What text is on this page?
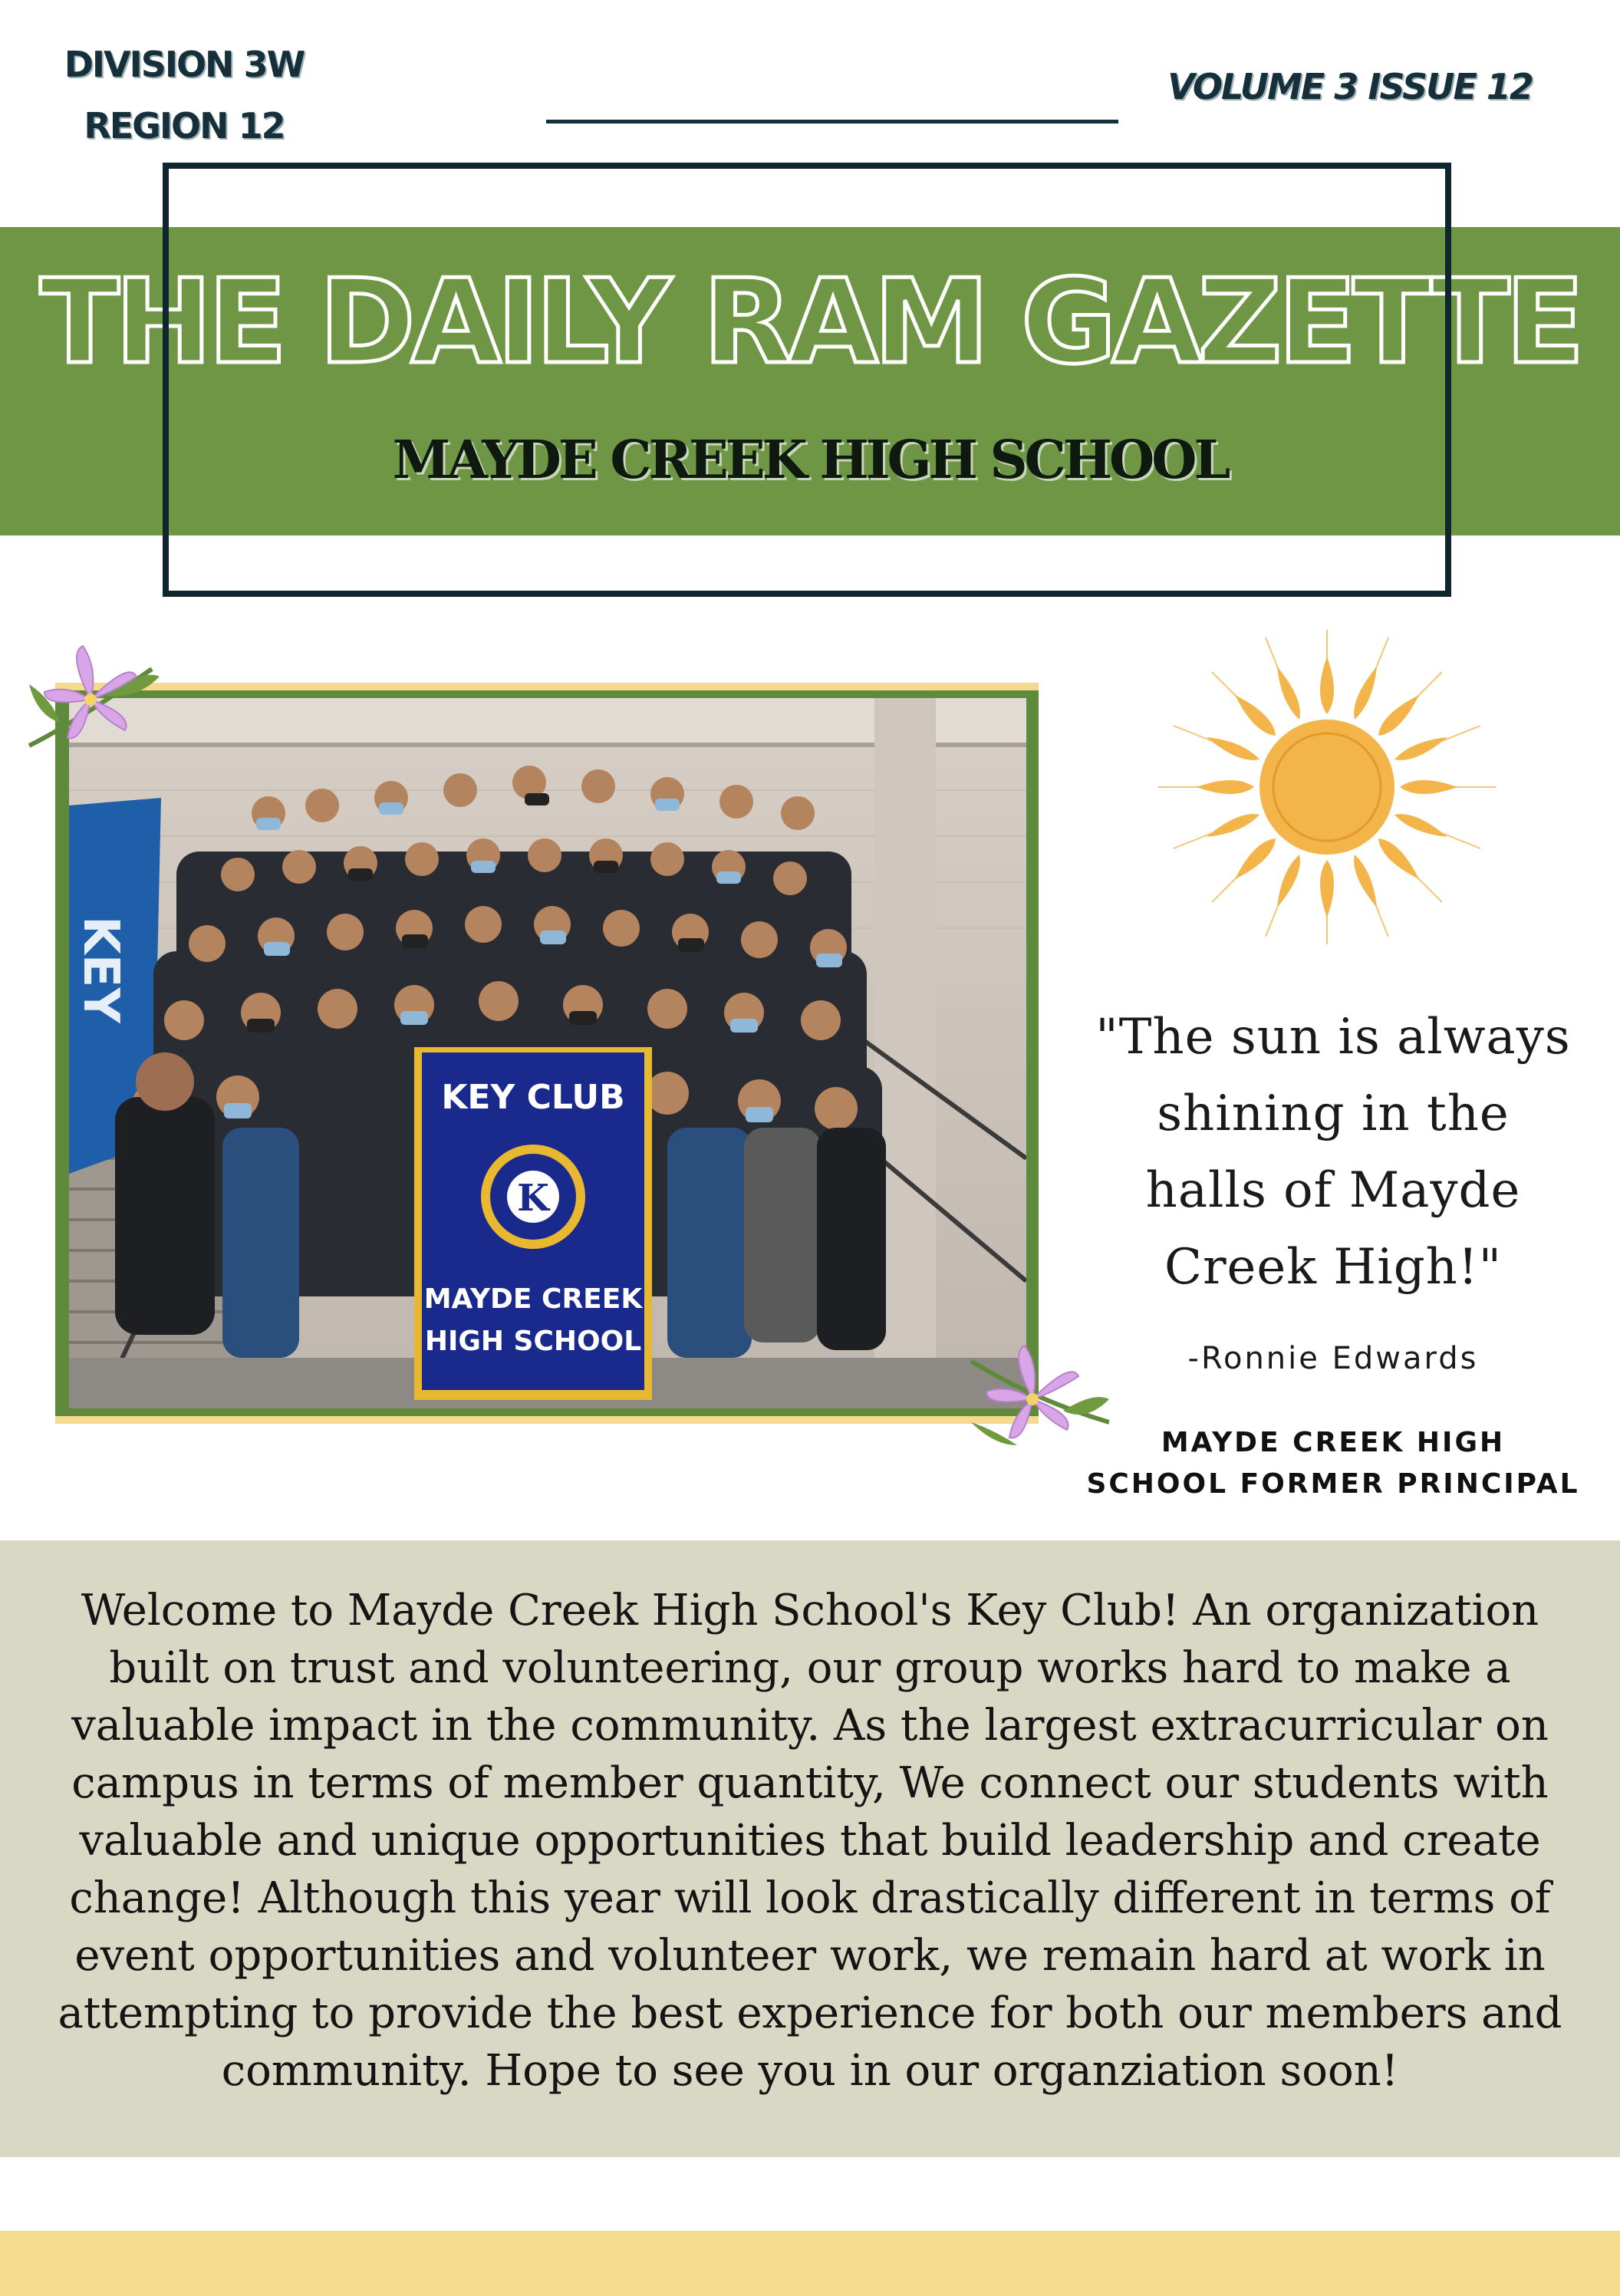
DIVISION 3W
REGION 12
VOLUME 3 ISSUE 12
THE DAILY RAM GAZETTE
MAYDE CREEK HIGH SCHOOL
KEY
KEY CLUB
K
MAYDE CREEK
HIGH SCHOOL
"The sun is always
shining in the
halls of Mayde
Creek High!"
-Ronnie Edwards
MAYDE CREEK HIGH
SCHOOL FORMER PRINCIPAL
Welcome to Mayde Creek High School's Key Club! An organization
built on trust and volunteering, our group works hard to make a
valuable impact in the community. As the largest extracurricular on
campus in terms of member quantity, We connect our students with
valuable and unique opportunities that build leadership and create
change! Although this year will look drastically different in terms of
event opportunities and volunteer work, we remain hard at work in
attempting to provide the best experience for both our members and
community. Hope to see you in our organziation soon!
